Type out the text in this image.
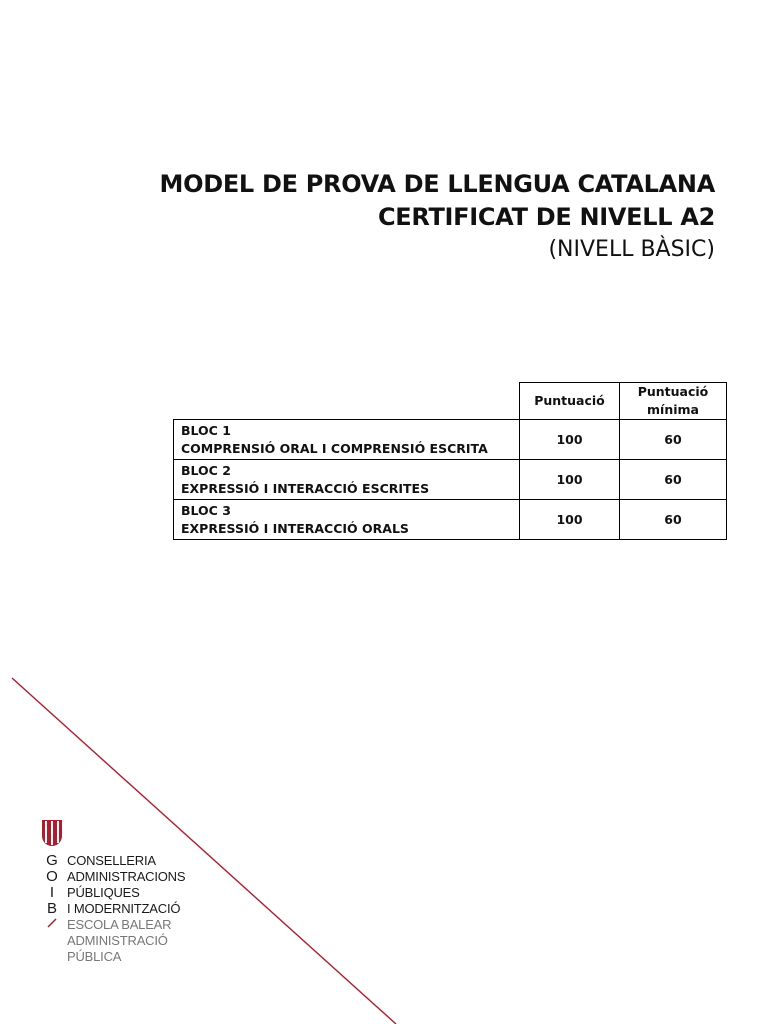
MODEL DE PROVA DE LLENGUA CATALANA
CERTIFICAT DE NIVELL A2
(NIVELL BÀSIC)
	Puntuació	Puntuació mínima

BLOC 1
COMPRENSIÓ ORAL I COMPRENSIÓ ESCRITA	100	60

BLOC 2
EXPRESSIÓ I INTERACCIÓ ESCRITES	100	60

BLOC 3
EXPRESSIÓ I INTERACCIÓ ORALS	100	60
G
O
I
B
CONSELLERIA
ADMINISTRACIONS
PÚBLIQUES
I MODERNITZACIÓ
ESCOLA BALEAR
ADMINISTRACIÓ
PÚBLICA
